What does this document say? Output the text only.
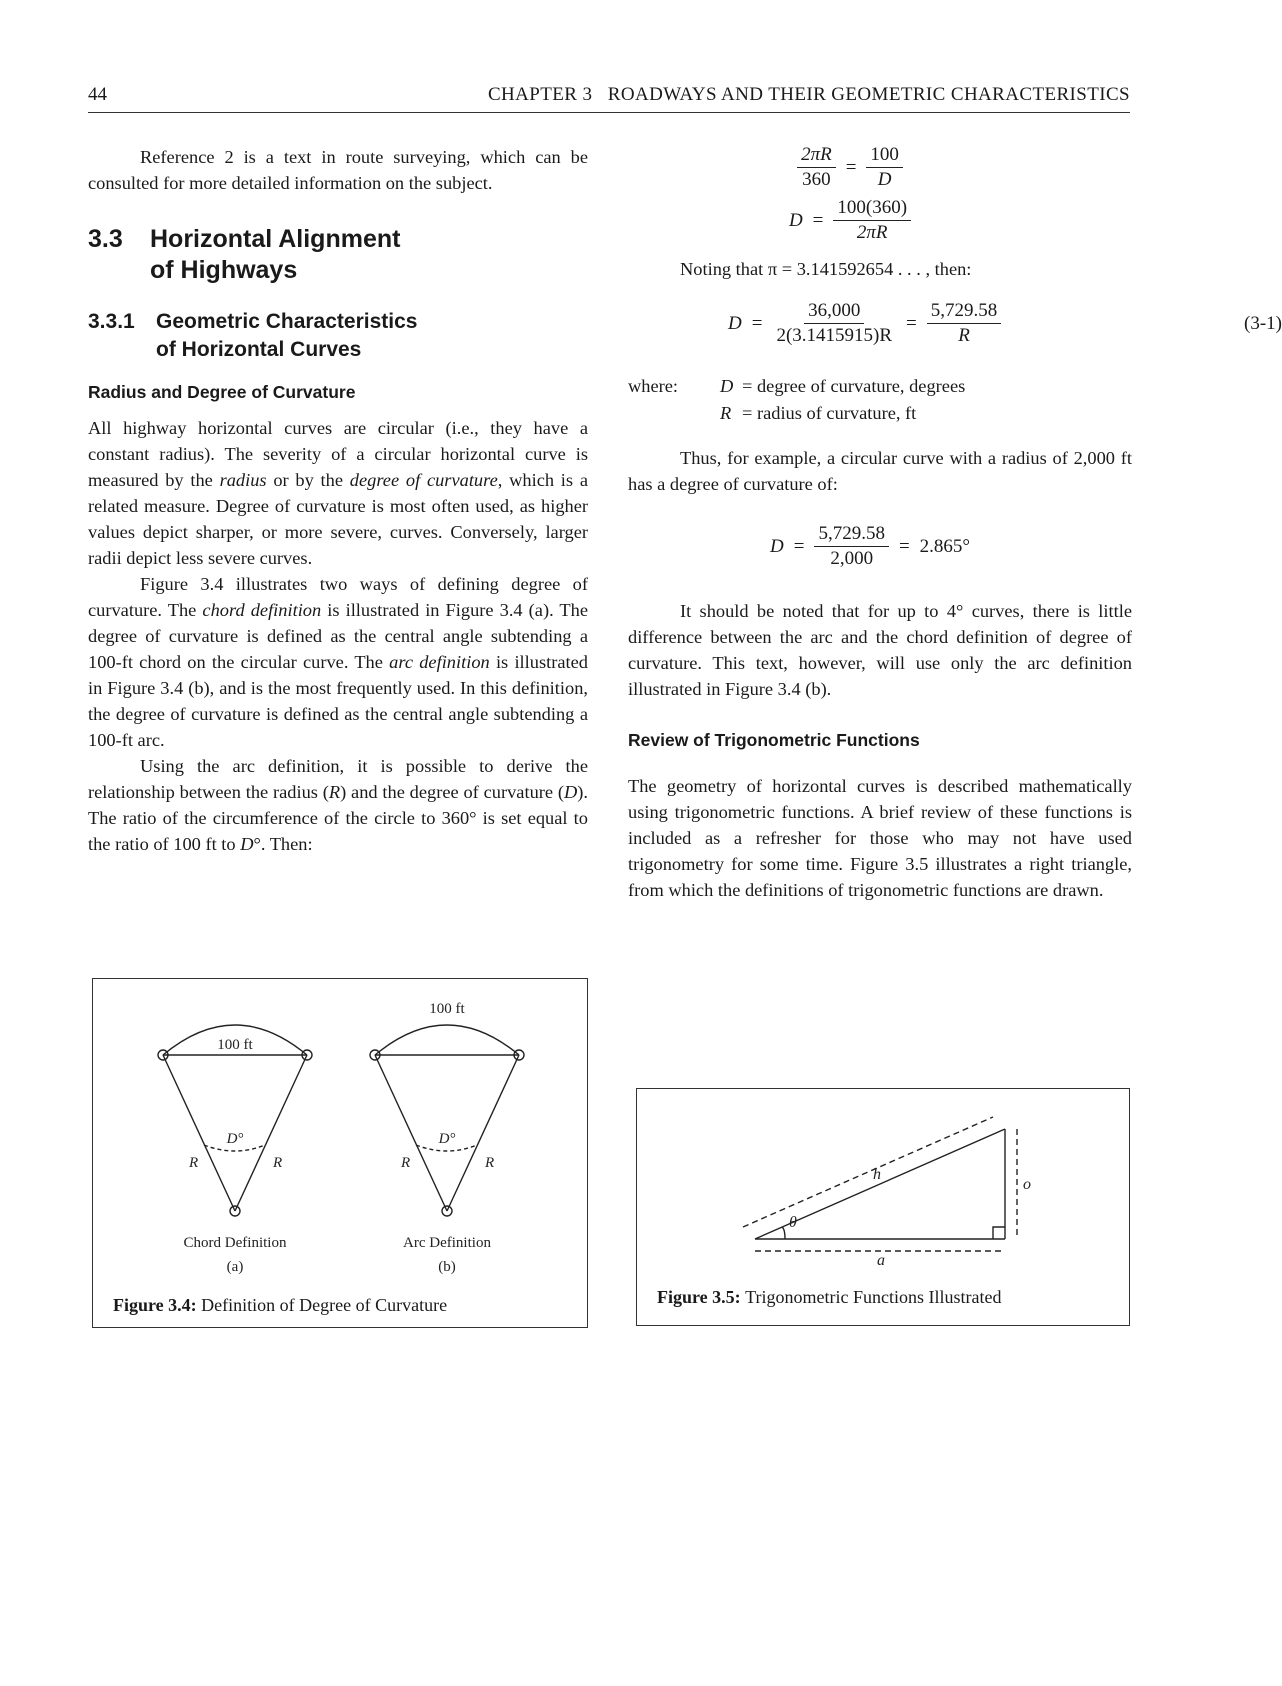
44	CHAPTER 3   ROADWAYS AND THEIR GEOMETRIC CHARACTERISTICS

Reference 2 is a text in route surveying, which can be consulted for more detailed information on the subject.

3.3	Horizontal Alignment
of Highways
3.3.1	Geometric Characteristics
of Horizontal Curves
Radius and Degree of Curvature

All highway horizontal curves are circular (i.e., they have a constant radius). The severity of a circular horizontal curve is measured by the radius or by the degree of curvature, which is a related measure. Degree of curvature is most often used, as higher values depict sharper, or more severe, curves. Conversely, larger radii depict less severe curves.

Figure 3.4 illustrates two ways of defining degree of curvature. The chord definition is illustrated in Figure 3.4 (a). The degree of curvature is defined as the central angle subtending a 100-ft chord on the circular curve. The arc definition is illustrated in Figure 3.4 (b), and is the most frequently used. In this definition, the degree of curvature is defined as the central angle subtending a 100-ft arc.

Using the arc definition, it is possible to derive the relationship between the radius (R) and the degree of curvature (D). The ratio of the circumference of the circle to 360° is set equal to the ratio of 100 ft to D°. Then:

100 ft
100 ft
D°	D°
R	R	R	R
Chord Definition	Arc Definition
(a)	(b)
Figure 3.4: Definition of Degree of Curvature
$\frac{2\pi R}{360} = \frac{100}{D}$
$D = \frac{100(360)}{2\pi R}$

Noting that π = 3.141592654 . . . , then:

$D = \frac{36,000}{2(3.1415915)R} = \frac{5,729.58}{R}$	(3-1)
where:	D = degree of curvature, degrees
R = radius of curvature, ft

Thus, for example, a circular curve with a radius of 2,000 ft has a degree of curvature of:

$D = \frac{5,729.58}{2,000} = 2.865^\circ$

It should be noted that for up to 4° curves, there is little difference between the arc and the chord definition of degree of curvature. This text, however, will use only the arc definition illustrated in Figure 3.4 (b).

Review of Trigonometric Functions

The geometry of horizontal curves is described mathematically using trigonometric functions. A brief review of these functions is included as a refresher for those who may not have used trigonometry for some time. Figure 3.5 illustrates a right triangle, from which the definitions of trigonometric functions are drawn.

h
o
a
θ
Figure 3.5: Trigonometric Functions Illustrated
